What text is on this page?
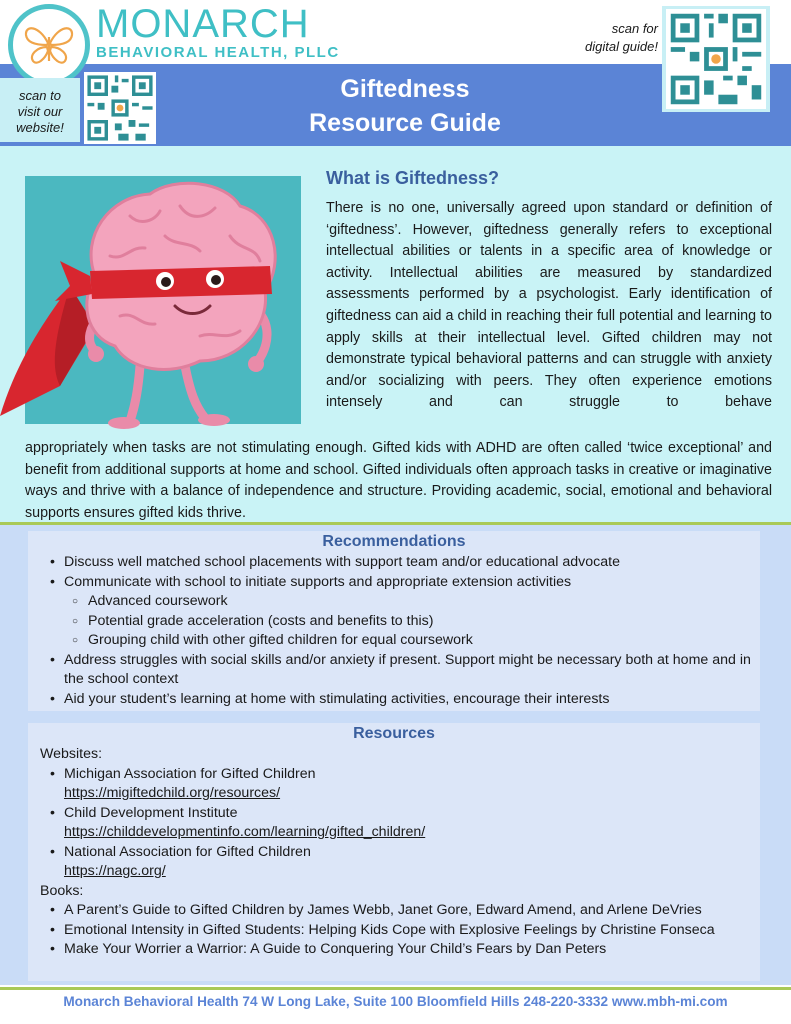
MONARCH
BEHAVIORAL HEALTH, PLLC
scan to
visit our
website!
scan for
digital guide!
Giftedness
Resource Guide
What is Giftedness?
There is no one, universally agreed upon standard or definition of ‘giftedness’. However, giftedness generally refers to exceptional intellectual abilities or talents in a specific area of knowledge or activity. Intellectual abilities are measured by standardized assessments performed by a psychologist. Early identification of giftedness can aid a child in reaching their full potential and learning to apply skills at their intellectual level. Gifted children may not demonstrate typical behavioral patterns and can struggle with anxiety and/or socializing with peers. They often experience emotions intensely and can struggle to behave
appropriately when tasks are not stimulating enough. Gifted kids with ADHD are often called ‘twice exceptional’ and benefit from additional supports at home and school. Gifted individuals often approach tasks in creative or imaginative ways and thrive with a balance of independence and structure. Providing academic, social, emotional and behavioral supports ensures gifted kids thrive.
Recommendations
• Discuss well matched school placements with support team and/or educational advocate
• Communicate with school to initiate supports and appropriate extension activities
○ Advanced coursework
○ Potential grade acceleration (costs and benefits to this)
○ Grouping child with other gifted children for equal coursework
• Address struggles with social skills and/or anxiety if present. Support might be necessary both at home and in the school context
• Aid your student’s learning at home with stimulating activities, encourage their interests
Resources
Websites:
• Michigan Association for Gifted Children
https://migiftedchild.org/resources/
• Child Development Institute
https://childdevelopmentinfo.com/learning/gifted_children/
• National Association for Gifted Children
https://nagc.org/
Books:
• A Parent’s Guide to Gifted Children by James Webb, Janet Gore, Edward Amend, and Arlene DeVries
• Emotional Intensity in Gifted Students: Helping Kids Cope with Explosive Feelings by Christine Fonseca
• Make Your Worrier a Warrior: A Guide to Conquering Your Child’s Fears by Dan Peters
Monarch Behavioral Health 74 W Long Lake, Suite 100 Bloomfield Hills 248-220-3332 www.mbh-mi.com
